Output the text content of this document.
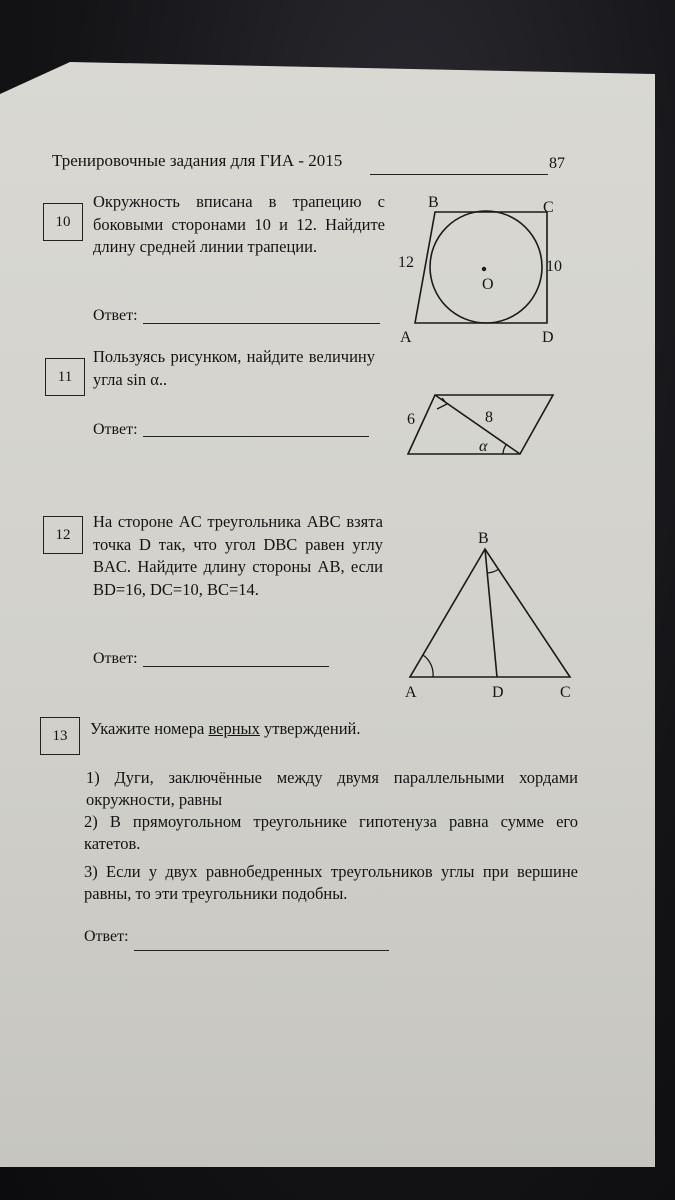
Тренировочные задания для ГИА - 2015	87
10
Окружность вписана в трапецию с боковыми сторонами 10 и 12. Найдите длину средней линии трапеции.
Ответ:
B	C
A	D
O
12	10
11
Пользуясь рисунком, найдите величину угла sin α..
Ответ:
6	8
α
12
На стороне AC треугольника ABC взята точка D так, что угол DBC равен углу BAC. Найдите длину стороны AB, если BD=16, DC=10, BC=14.
Ответ:
B
A	D	C
13	Укажите номера верных утверждений.
1) Дуги, заключённые между двумя параллельными хордами окружности, равны
2) В прямоугольном треугольнике гипотенуза равна сумме его катетов.
3) Если у двух равнобедренных треугольников углы при вершине равны, то эти треугольники подобны.
Ответ:
